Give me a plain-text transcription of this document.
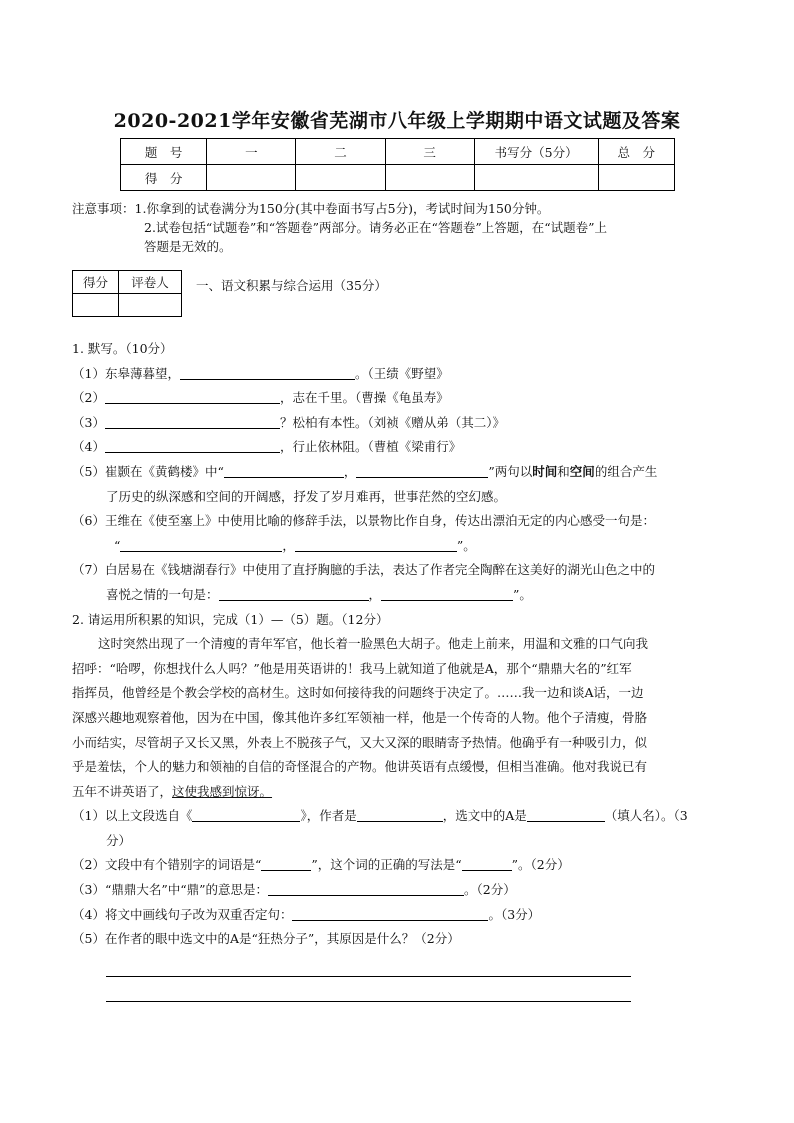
2020-2021学年安徽省芜湖市八年级上学期期中语文试题及答案
题　号	一	二	三	书写分（5分）	总　分
得　分					
注意事项：1.你拿到的试卷满分为150分(其中卷面书写占5分)，考试时间为150分钟。
2.试卷包括“试题卷”和“答题卷”两部分。请务必正在“答题卷”上答题，在“试题卷”上
答题是无效的。
得分	评卷人
	一、语文积累与综合运用（35分）
1. 默写。（10分）
（1）东皋薄暮望，	。（王绩《野望》
（2）	，志在千里。（曹操《龟虽寿》
（3）	？松柏有本性。（刘祯《赠从弟（其二）》
（4）	，行止依林阻。（曹植《梁甫行》
（5）崔颢在《黄鹤楼》中“	，	”两句以时间和空间的组合产生
了历史的纵深感和空间的开阔感，抒发了岁月难再，世事茫然的空幻感。
（6）王维在《使至塞上》中使用比喻的修辞手法，以景物比作自身，传达出漂泊无定的内心感受一句是：
“	，	”。
（7）白居易在《钱塘湖春行》中使用了直抒胸臆的手法，表达了作者完全陶醉在这美好的湖光山色之中的
喜悦之情的一句是：	，	”。
2. 请运用所积累的知识，完成（1）—（5）题。（12分）
这时突然出现了一个清瘦的青年军官，他长着一脸黑色大胡子。他走上前来，用温和文雅的口气向我
招呼：“哈啰，你想找什么人吗？”他是用英语讲的！我马上就知道了他就是A，那个“鼎鼎大名的”红军
指挥员，他曾经是个教会学校的高材生。这时如何接待我的问题终于决定了。……我一边和谈A话，一边
深感兴趣地观察着他，因为在中国，像其他许多红军领袖一样，他是一个传奇的人物。他个子清瘦，骨胳
小而结实，尽管胡子又长又黑，外表上不脱孩子气，又大又深的眼睛寄予热情。他确乎有一种吸引力，似
乎是羞怯，个人的魅力和领袖的自信的奇怪混合的产物。他讲英语有点缓慢，但相当准确。他对我说已有
五年不讲英语了，这使我感到惊讶。
（1）以上文段选自《	》，作者是	，选文中的A是	（填人名）。（3
分）
（2）文段中有个错别字的词语是“	”，这个词的正确的写法是“	”。（2分）
（3）“鼎鼎大名”中“鼎”的意思是：	。（2分）
（4）将文中画线句子改为双重否定句：	。（3分）
（5）在作者的眼中选文中的A是“狂热分子”，其原因是什么？（2分）
